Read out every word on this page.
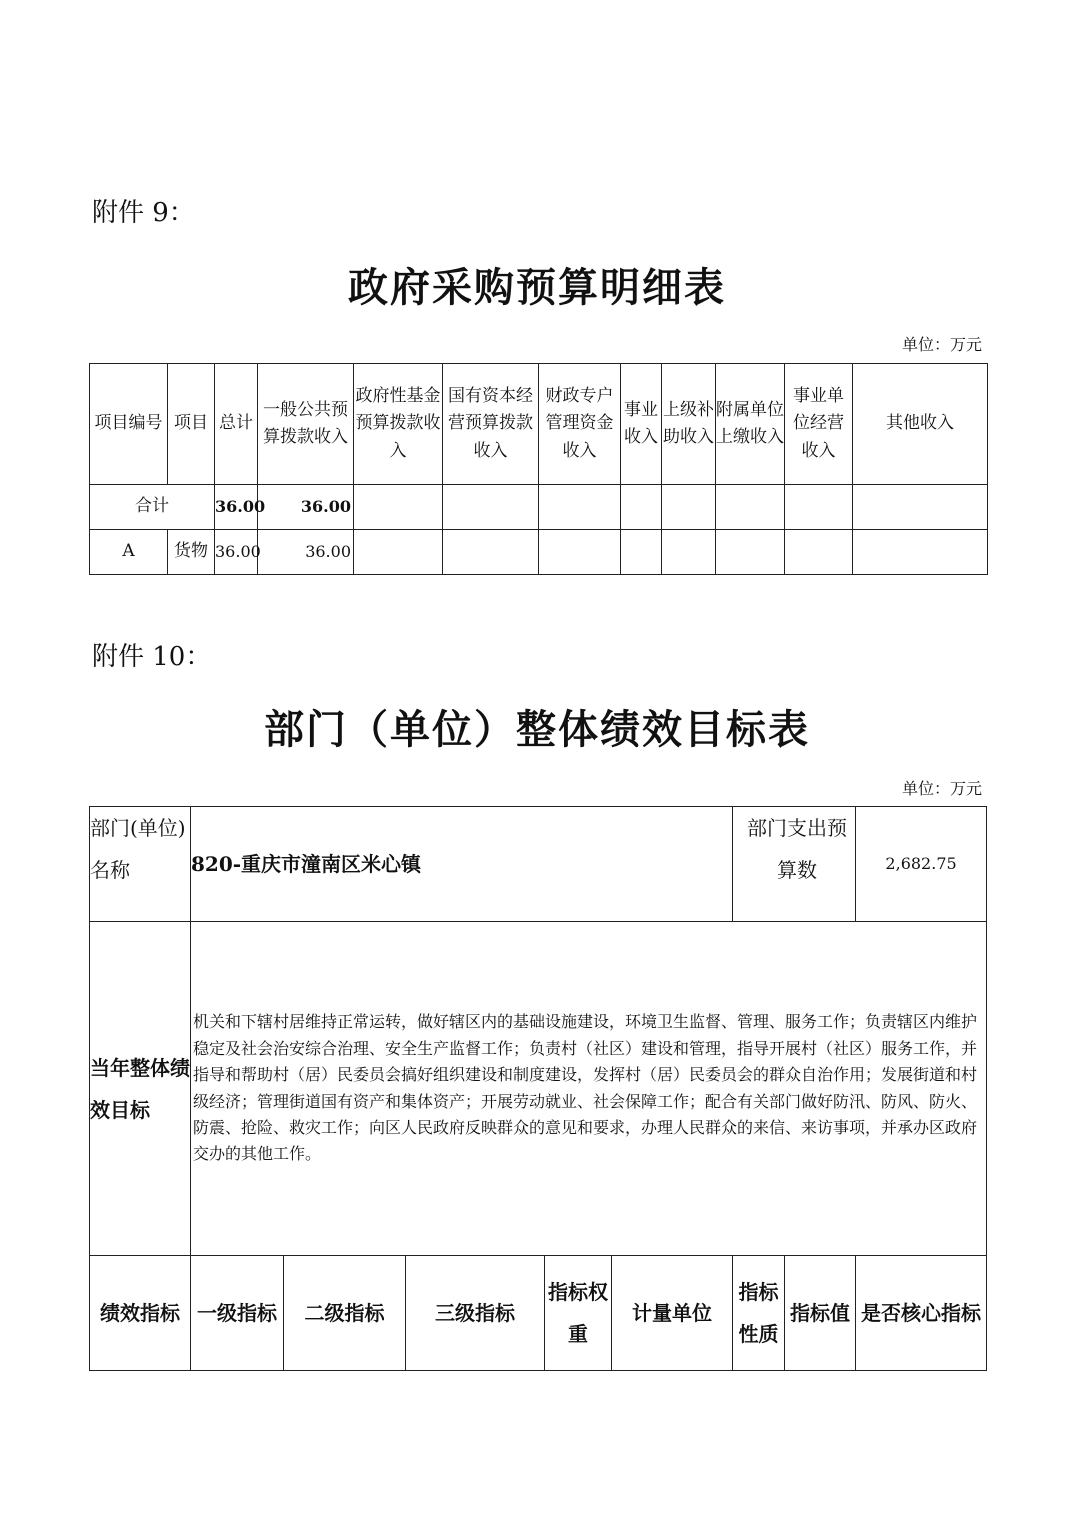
附件 9：
政府采购预算明细表
单位：万元
项目编号	项目	总计	一般公共预算拨款收入	政府性基金预算拨款收入	国有资本经营预算拨款收入	财政专户管理资金收入	事业收入	上级补助收入	附属单位上缴收入	事业单位经营收入	其他收入
合计		36.00	36.00								
A	货物	36.00	36.00								
附件 10：
部门（单位）整体绩效目标表
单位：万元
部门(单位)名称	820-重庆市潼南区米心镇					部门支出预算数		2,682.75
当年整体绩效目标	机关和下辖村居维持正常运转，做好辖区内的基础设施建设，环境卫生监督、管理、服务工作；负责辖区内维护稳定及社会治安综合治理、安全生产监督工作；负责村（社区）建设和管理，指导开展村（社区）服务工作，并指导和帮助村（居）民委员会搞好组织建设和制度建设，发挥村（居）民委员会的群众自治作用；发展街道和村级经济；管理街道国有资产和集体资产；开展劳动就业、社会保障工作；配合有关部门做好防汛、防风、防火、防震、抢险、救灾工作；向区人民政府反映群众的意见和要求，办理人民群众的来信、来访事项，并承办区政府交办的其他工作。							
绩效指标	一级指标	二级指标	三级指标	指标权重	计量单位	指标性质	指标值	是否核心指标
